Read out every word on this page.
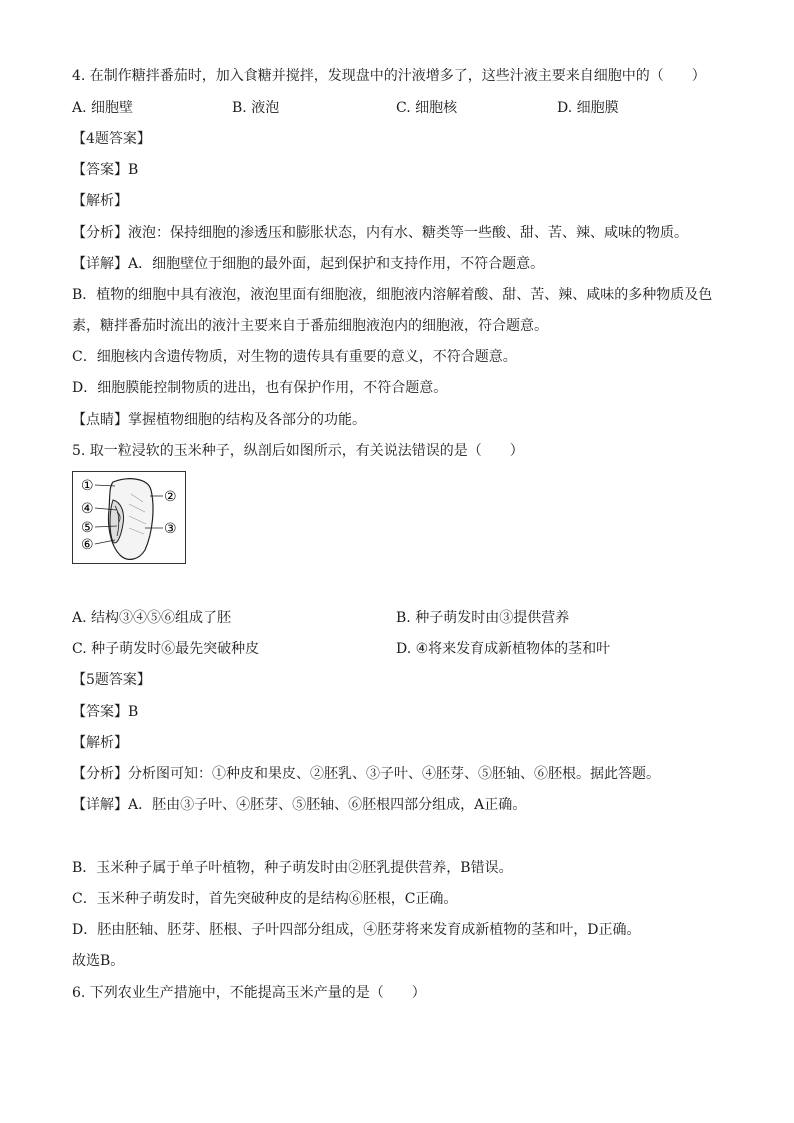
4. 在制作糖拌番茄时，加入食糖并搅拌，发现盘中的汁液增多了，这些汁液主要来自细胞中的（　　）
A. 细胞壁	B. 液泡	C. 细胞核	D. 细胞膜
【4题答案】
【答案】B
【解析】
【分析】液泡：保持细胞的渗透压和膨胀状态，内有水、糖类等一些酸、甜、苦、辣、咸味的物质。
【详解】A．细胞壁位于细胞的最外面，起到保护和支持作用，不符合题意。
B．植物的细胞中具有液泡，液泡里面有细胞液，细胞液内溶解着酸、甜、苦、辣、咸味的多种物质及色
素，糖拌番茄时流出的液汁主要来自于番茄细胞液泡内的细胞液，符合题意。
C．细胞核内含遗传物质，对生物的遗传具有重要的意义，不符合题意。
D．细胞膜能控制物质的进出，也有保护作用，不符合题意。
【点睛】掌握植物细胞的结构及各部分的功能。
5. 取一粒浸软的玉米种子，纵剖后如图所示，有关说法错误的是（　　）
①
②
③
④
⑤
⑥
A. 结构③④⑤⑥组成了胚	B. 种子萌发时由③提供营养
C. 种子萌发时⑥最先突破种皮	D. ④将来发育成新植物体的茎和叶
【5题答案】
【答案】B
【解析】
【分析】分析图可知：①种皮和果皮、②胚乳、③子叶、④胚芽、⑤胚轴、⑥胚根。据此答题。
【详解】A．胚由③子叶、④胚芽、⑤胚轴、⑥胚根四部分组成，A正确。
B．玉米种子属于单子叶植物，种子萌发时由②胚乳提供营养，B错误。
C．玉米种子萌发时，首先突破种皮的是结构⑥胚根，C正确。
D．胚由胚轴、胚芽、胚根、子叶四部分组成，④胚芽将来发育成新植物的茎和叶，D正确。
故选B。
6. 下列农业生产措施中，不能提高玉米产量的是（　　）
